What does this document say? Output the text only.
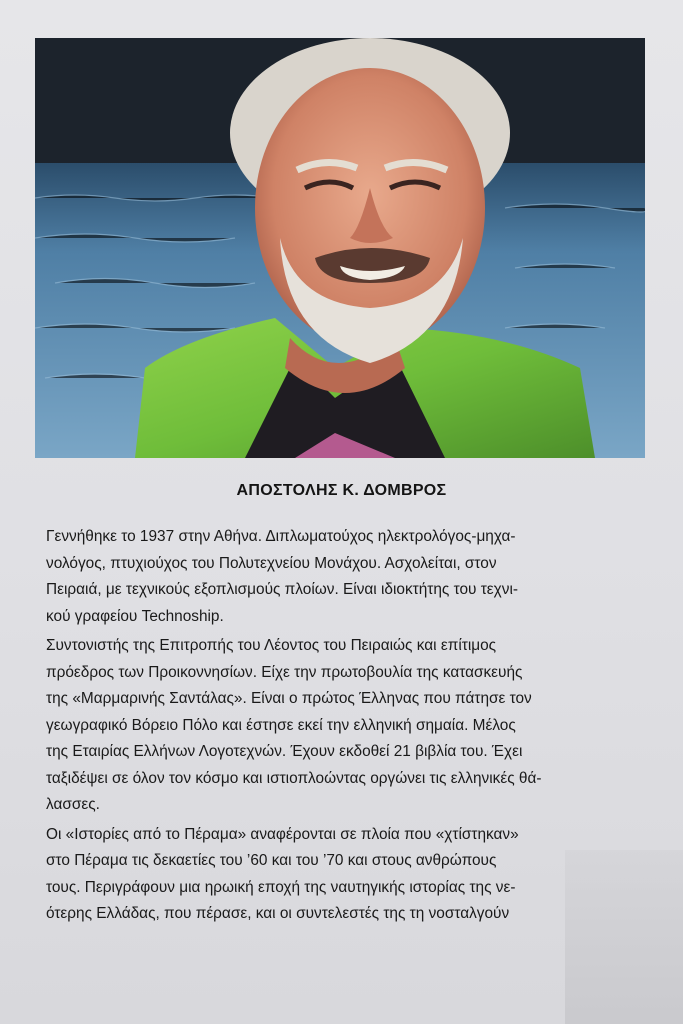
ΑΠΟΣΤΟΛΗΣ Κ. ΔΟΜΒΡΟΣ

Γεννήθηκε το 1937 στην Αθήνα. Διπλωματούχος ηλεκτρολόγος-μηχα-
νολόγος, πτυχιούχος του Πολυτεχνείου Μονάχου. Ασχολείται, στον
Πειραιά, με τεχνικούς εξοπλισμούς πλοίων. Είναι ιδιοκτήτης του τεχνι-
κού γραφείου Technoship.

Συντονιστής της Επιτροπής του Λέοντος του Πειραιώς και επίτιμος
πρόεδρος των Προικοννησίων. Είχε την πρωτοβουλία της κατασκευής
της «Μαρμαρινής Σαντάλας». Είναι ο πρώτος Έλληνας που πάτησε τον
γεωγραφικό Βόρειο Πόλο και έστησε εκεί την ελληνική σημαία. Μέλος
της Εταιρίας Ελλήνων Λογοτεχνών. Έχουν εκδοθεί 21 βιβλία του. Έχει
ταξιδέψει σε όλον τον κόσμο και ιστιοπλοώντας οργώνει τις ελληνικές θά-
λασσες.

Οι «Ιστορίες από το Πέραμα» αναφέρονται σε πλοία που «χτίστηκαν»
στο Πέραμα τις δεκαετίες του ’60 και του ’70 και στους ανθρώπους
τους. Περιγράφουν μια ηρωική εποχή της ναυτηγικής ιστορίας της νε-
ότερης Ελλάδας, που πέρασε, και οι συντελεστές της τη νοσταλγούν
